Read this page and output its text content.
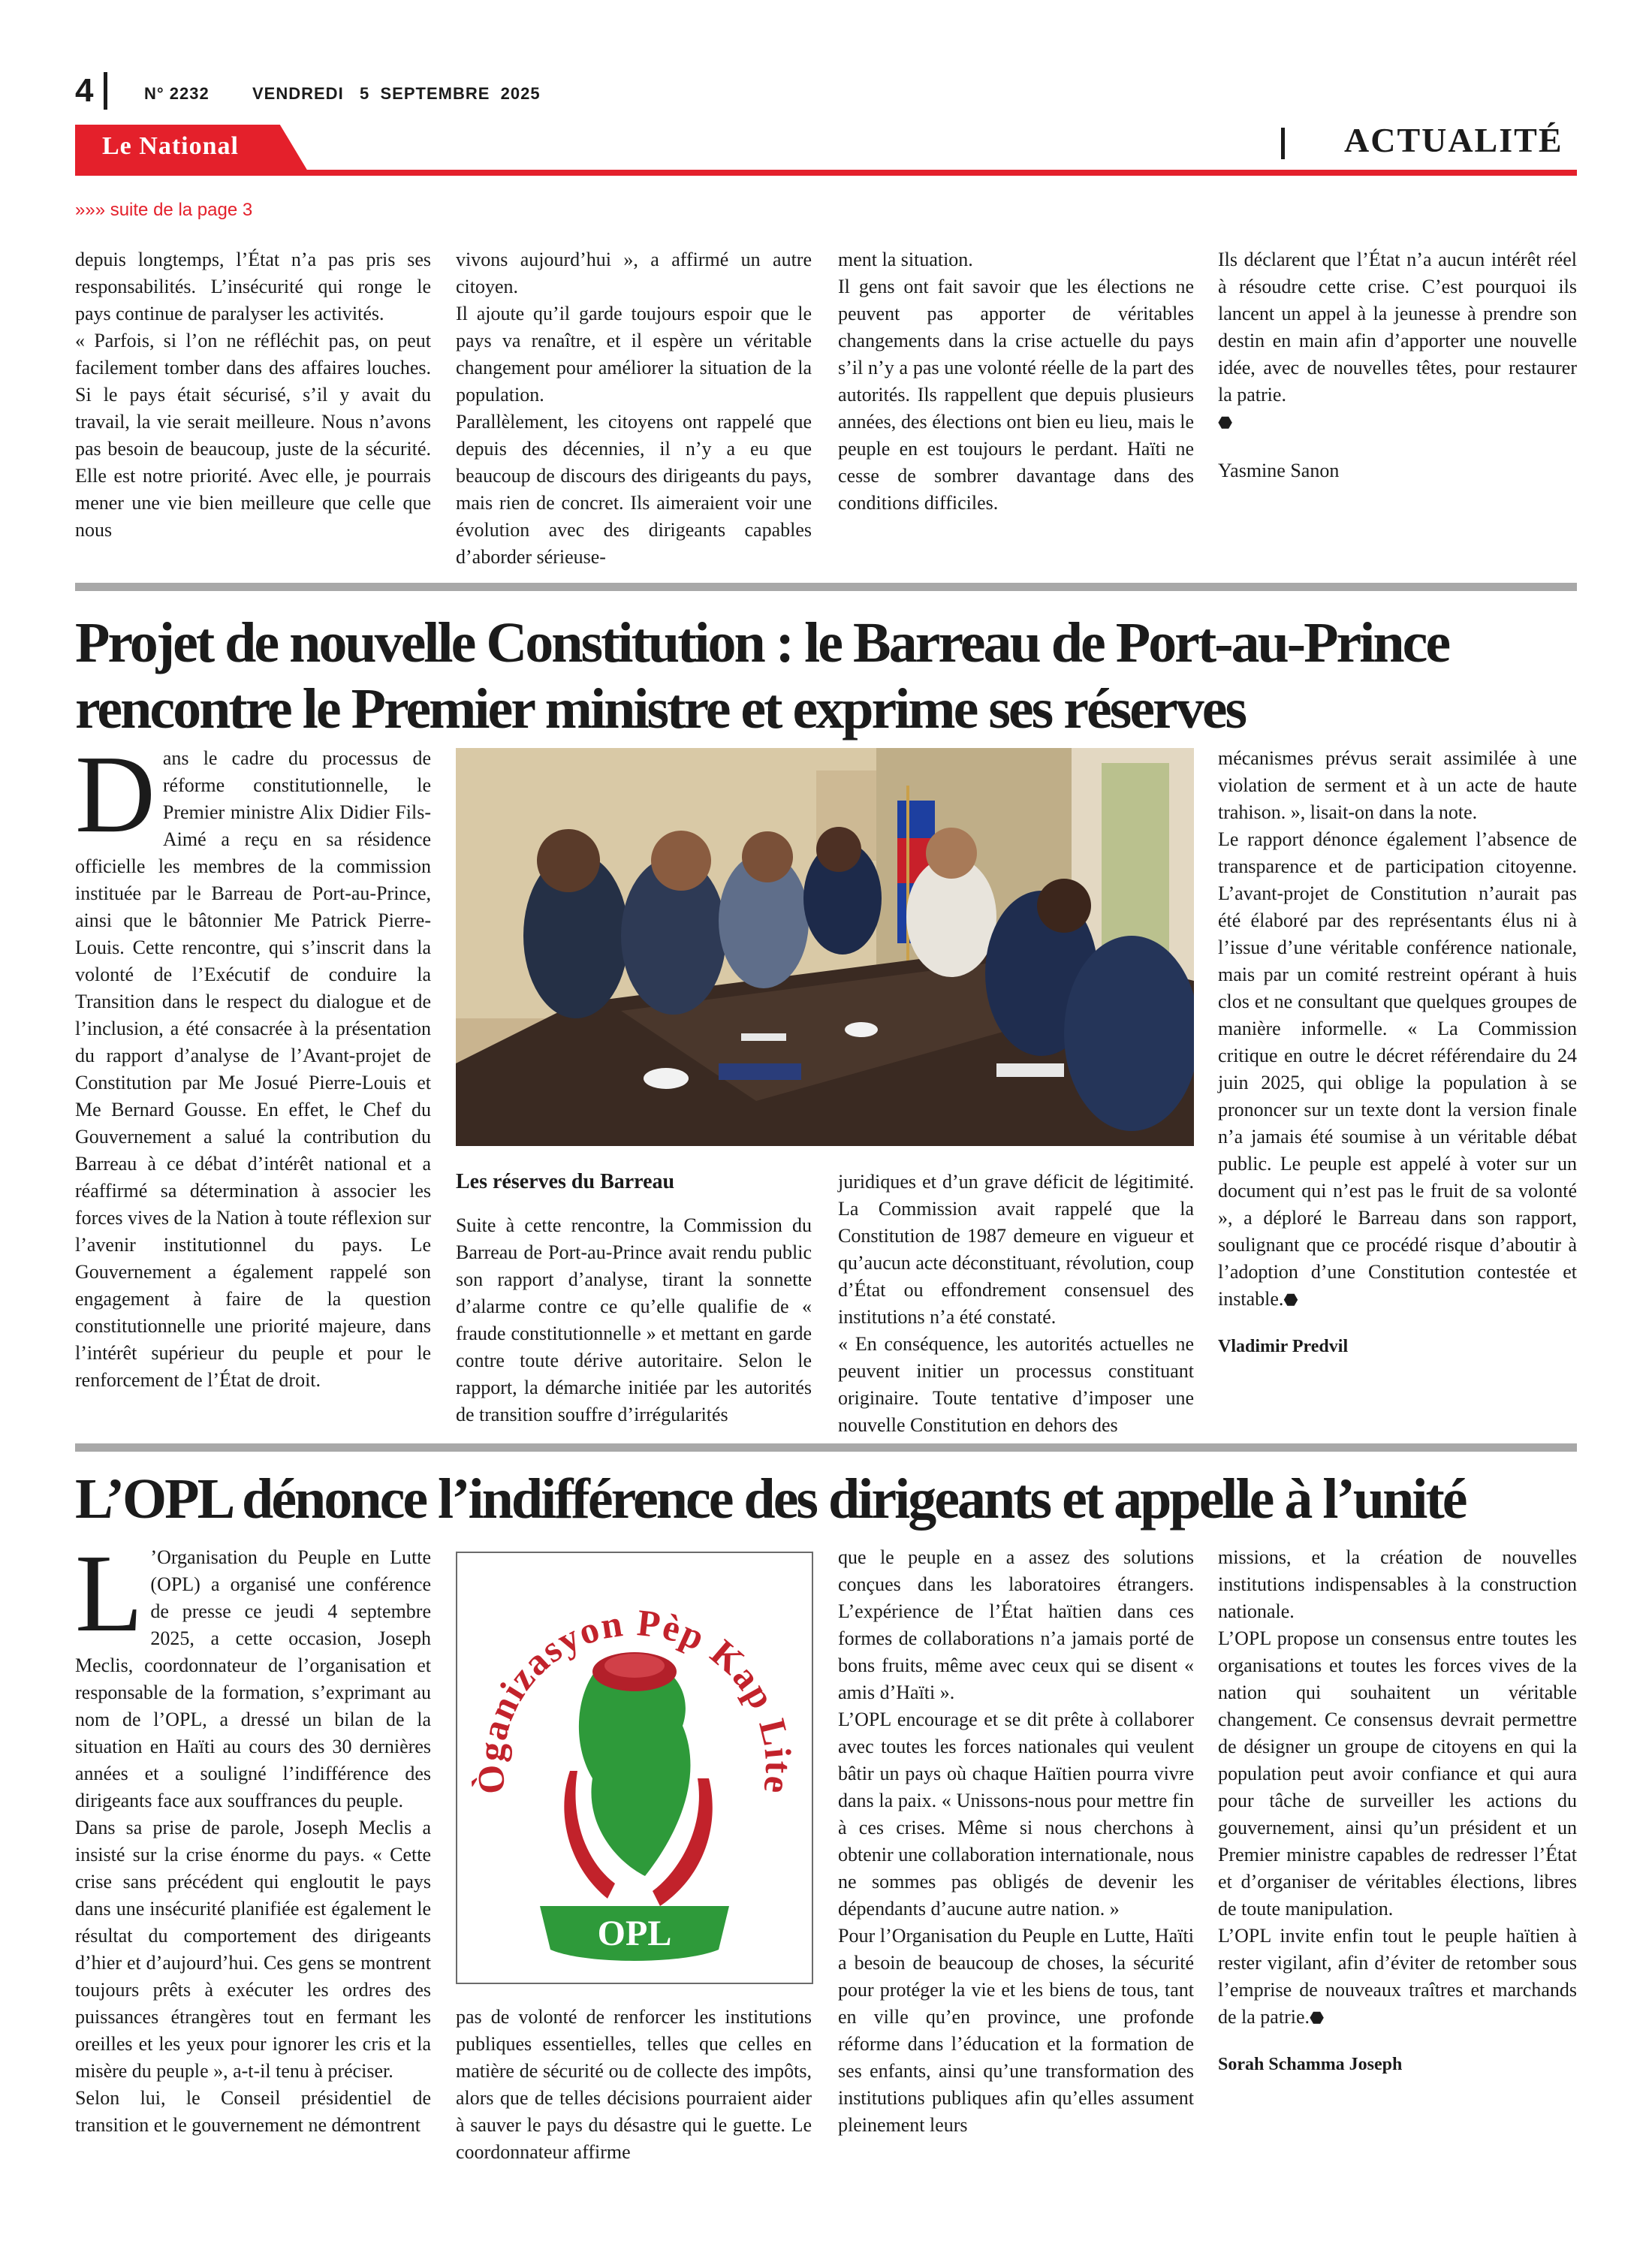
4	N° 2232	VENDREDI   5  SEPTEMBRE  2025
Le National	ACTUALITÉ
»»» suite de la page 3

depuis longtemps, l’État n’a pas pris ses responsabilités. L’insécurité qui ronge le pays continue de paralyser les activités.

« Parfois, si l’on ne réfléchit pas, on peut facilement tomber dans des affaires louches. Si le pays était sécurisé, s’il y avait du travail, la vie serait meilleure. Nous n’avons pas besoin de beaucoup, juste de la sécurité. Elle est notre priorité. Avec elle, je pourrais mener une vie bien meilleure que celle que nous

vivons aujourd’hui », a affirmé un autre citoyen.

Il ajoute qu’il garde toujours espoir que le pays va renaître, et il espère un véritable changement pour améliorer la situation de la population.

Parallèlement, les citoyens ont rappelé que depuis des décennies, il n’y a eu que beaucoup de discours des dirigeants du pays, mais rien de concret. Ils aimeraient voir une évolution avec des dirigeants capables d’aborder sérieuse-

ment la situation.

Il gens ont fait savoir que les élections ne peuvent pas apporter de véritables changements dans la crise actuelle du pays s’il n’y a pas une volonté réelle de la part des autorités. Ils rappellent que depuis plusieurs années, des élections ont bien eu lieu, mais le peuple en est toujours le perdant. Haïti ne cesse de sombrer davantage dans des conditions difficiles.

Ils déclarent que l’État n’a aucun intérêt réel à résoudre cette crise. C’est pourquoi ils lancent un appel à la jeunesse à prendre son destin en main afin d’apporter une nouvelle idée, avec de nouvelles têtes, pour restaurer la patrie.

⬣

Yasmine Sanon

Projet de nouvelle Constitution : le Barreau de Port-au-Prince
rencontre le Premier ministre et exprime ses réserves

Dans le cadre du processus de réforme constitutionnelle, le Premier ministre Alix Didier Fils-Aimé a reçu en sa résidence officielle les membres de la commission instituée par le Barreau de Port-au-Prince, ainsi que le bâtonnier Me Patrick Pierre-Louis. Cette rencontre, qui s’inscrit dans la volonté de l’Exécutif de conduire la Transition dans le respect du dialogue et de l’inclusion, a été consacrée à la présentation du rapport d’analyse de l’Avant-projet de Constitution par Me Josué Pierre-Louis et Me Bernard Gousse. En effet, le Chef du Gouvernement a salué la contribution du Barreau à ce débat d’intérêt national et a réaffirmé sa détermination à associer les forces vives de la Nation à toute réflexion sur l’avenir institutionnel du pays. Le Gouvernement a également rappelé son engagement à faire de la question constitutionnelle une priorité majeure, dans l’intérêt supérieur du peuple et pour le renforcement de l’État de droit.

Les réserves du Barreau

Suite à cette rencontre, la Commission du Barreau de Port-au-Prince avait rendu public son rapport d’analyse, tirant la sonnette d’alarme contre ce qu’elle qualifie de « fraude constitutionnelle » et mettant en garde contre toute dérive autoritaire. Selon le rapport, la démarche initiée par les autorités de transition souffre d’irrégularités

juridiques et d’un grave déficit de légitimité. La Commission avait rappelé que la Constitution de 1987 demeure en vigueur et qu’aucun acte déconstituant, révolution, coup d’État ou effondrement consensuel des institutions n’a été constaté.

« En conséquence, les autorités actuelles ne peuvent initier un processus constituant originaire. Toute tentative d’imposer une nouvelle Constitution en dehors des

mécanismes prévus serait assimilée à une violation de serment et à un acte de haute trahison. », lisait-on dans la note.

Le rapport dénonce également l’absence de transparence et de participation citoyenne. L’avant-projet de Constitution n’aurait pas été élaboré par des représentants élus ni à l’issue d’une véritable conférence nationale, mais par un comité restreint opérant à huis clos et ne consultant que quelques groupes de manière informelle. « La Commission critique en outre le décret référendaire du 24 juin 2025, qui oblige la population à se prononcer sur un texte dont la version finale n’a jamais été soumise à un véritable débat public. Le peuple est appelé à voter sur un document qui n’est pas le fruit de sa volonté », a déploré le Barreau dans son rapport, soulignant que ce procédé risque d’aboutir à l’adoption d’une Constitution contestée et instable.⬣

Vladimir Predvil

L’OPL dénonce l’indifférence des dirigeants et appelle à l’unité

L ’Organisation du Peuple en Lutte (OPL) a organisé une conférence de presse ce jeudi 4 septembre 2025, a cette occasion, Joseph Meclis, coordonnateur de l’organisation et responsable de la formation, s’exprimant au nom de l’OPL, a dressé un bilan de la situation en Haïti au cours des 30 dernières années et a souligné l’indifférence des dirigeants face aux souffrances du peuple.

Dans sa prise de parole, Joseph Meclis a insisté sur la crise énorme du pays. « Cette crise sans précédent qui engloutit le pays dans une insécurité planifiée est également le résultat du comportement des dirigeants d’hier et d’aujourd’hui. Ces gens se montrent toujours prêts à exécuter les ordres des puissances étrangères tout en fermant les oreilles et les yeux pour ignorer les cris et la misère du peuple », a-t-il tenu à préciser.

Selon lui, le Conseil présidentiel de transition et le gouvernement ne démontrent

Òganizasyon Pèp Kap Lite
OPL

pas de volonté de renforcer les institutions publiques essentielles, telles que celles en matière de sécurité ou de collecte des impôts, alors que de telles décisions pourraient aider à sauver le pays du désastre qui le guette. Le coordonnateur affirme

que le peuple en a assez des solutions conçues dans les laboratoires étrangers. L’expérience de l’État haïtien dans ces formes de collaborations n’a jamais porté de bons fruits, même avec ceux qui se disent « amis d’Haïti ».

L’OPL encourage et se dit prête à collaborer avec toutes les forces nationales qui veulent bâtir un pays où chaque Haïtien pourra vivre dans la paix. « Unissons-nous pour mettre fin à ces crises. Même si nous cherchons à obtenir une collaboration internationale, nous ne sommes pas obligés de devenir les dépendants d’aucune autre nation. »

Pour l’Organisation du Peuple en Lutte, Haïti a besoin de beaucoup de choses, la sécurité pour protéger la vie et les biens de tous, tant en ville qu’en province, une profonde réforme dans l’éducation et la formation de ses enfants, ainsi qu’une transformation des institutions publiques afin qu’elles assument pleinement leurs

missions, et la création de nouvelles institutions indispensables à la construction nationale.

L’OPL propose un consensus entre toutes les organisations et toutes les forces vives de la nation qui souhaitent un véritable changement. Ce consensus devrait permettre de désigner un groupe de citoyens en qui la population peut avoir confiance et qui aura pour tâche de surveiller les actions du gouvernement, ainsi qu’un président et un Premier ministre capables de redresser l’État et d’organiser de véritables élections, libres de toute manipulation.

L’OPL invite enfin tout le peuple haïtien à rester vigilant, afin d’éviter de retomber sous l’emprise de nouveaux traîtres et marchands de la patrie.⬣

Sorah Schamma Joseph
